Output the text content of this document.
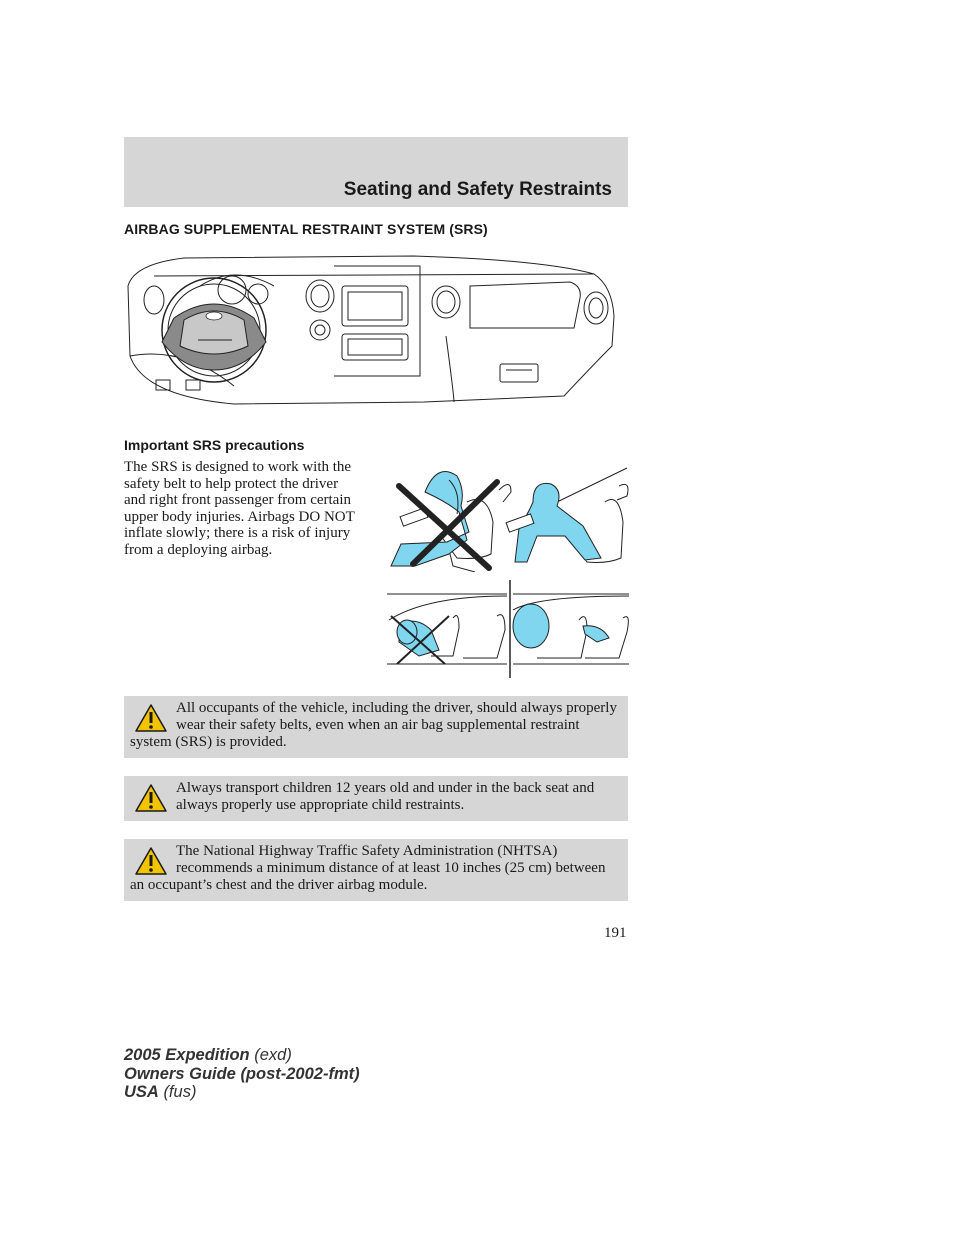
Seating and Safety Restraints
AIRBAG SUPPLEMENTAL RESTRAINT SYSTEM (SRS)
Important SRS precautions
The SRS is designed to work with the safety belt to help protect the driver and right front passenger from certain upper body injuries. Airbags DO NOT inflate slowly; there is a risk of injury from a deploying airbag.
All occupants of the vehicle, including the driver, should always properly wear their safety belts, even when an air bag supplemental restraint system (SRS) is provided.
Always transport children 12 years old and under in the back seat and always properly use appropriate child restraints.
The National Highway Traffic Safety Administration (NHTSA) recommends a minimum distance of at least 10 inches (25 cm) between an occupant’s chest and the driver airbag module.
191
2005 Expedition (exd)
Owners Guide (post-2002-fmt)
USA (fus)
